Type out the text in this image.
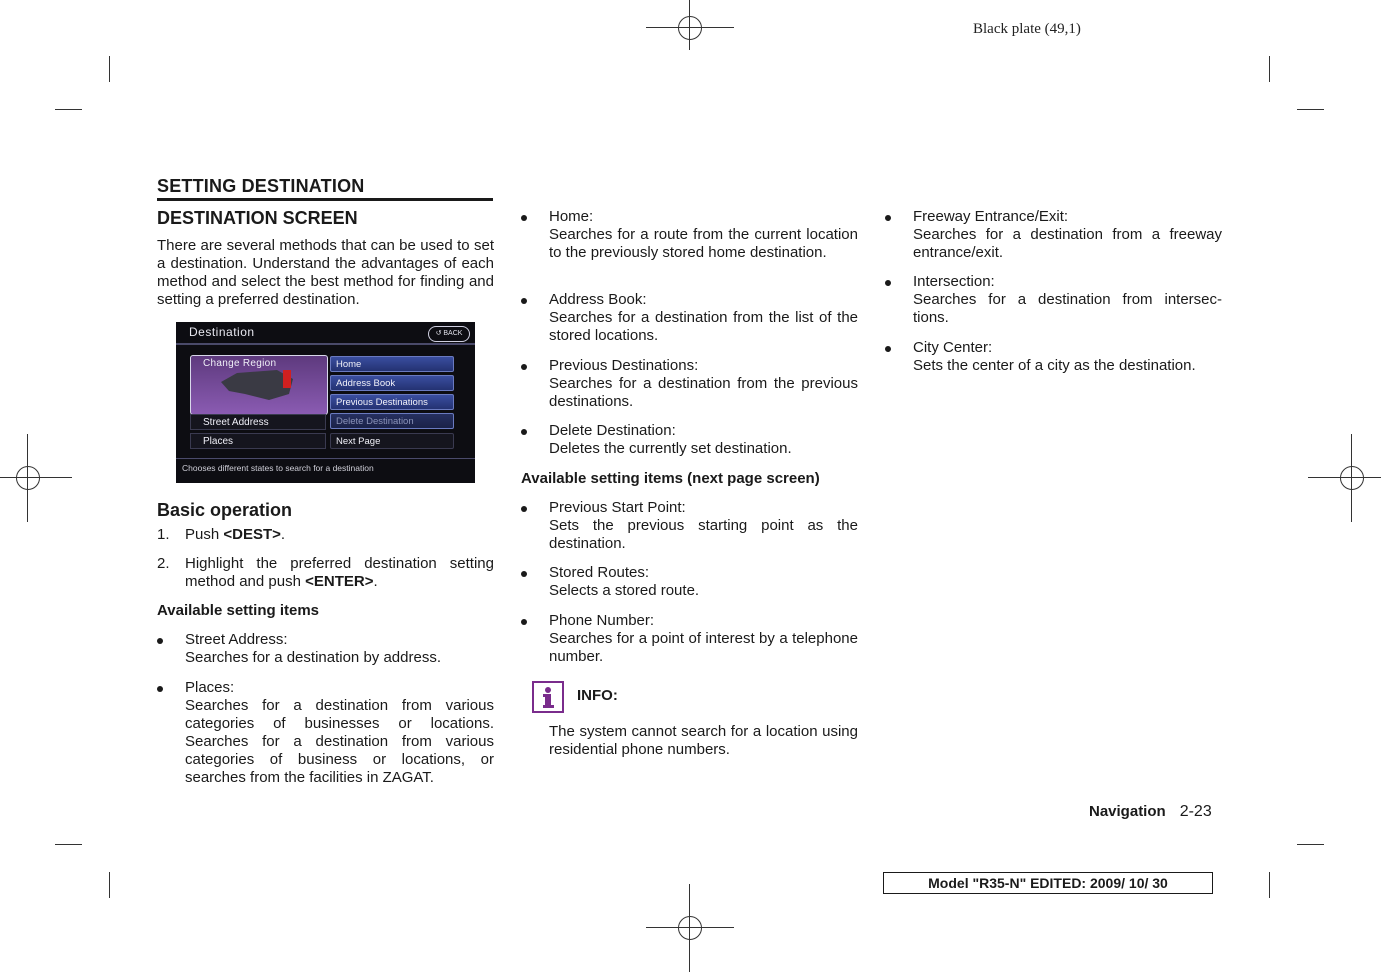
Black plate (49,1)
SETTING DESTINATION
DESTINATION SCREEN
There are several methods that can be used to set a destination. Understand the advantages of each method and select the best method for finding and setting a preferred destination.
Destination	↺ BACK
Change Region
Street Address
Places
Home
Address Book
Previous Destinations
Delete Destination
Next Page
Chooses different states to search for a destination
Basic operation
1. Push <DEST>.
2. Highlight the preferred destination setting method and push <ENTER>.
Available setting items
Street Address:
Searches for a destination by address.
Places:
Searches for a destination from various categories of businesses or locations. Searches for a destination from various categories of business or locations, or searches from the facilities in ZAGAT.
Home:
Searches for a route from the current location to the previously stored home destination.
Address Book:
Searches for a destination from the list of the stored locations.
Previous Destinations:
Searches for a destination from the previous destinations.
Delete Destination:
Deletes the currently set destination.
Available setting items (next page screen)
Previous Start Point:
Sets the previous starting point as the destination.
Stored Routes:
Selects a stored route.
Phone Number:
Searches for a point of interest by a telephone number.
INFO:
The system cannot search for a location using residential phone numbers.
Freeway Entrance/Exit:
Searches for a destination from a freeway entrance/exit.
Intersection:
Searches for a destination from intersec- tions.
City Center:
Sets the center of a city as the destination.
Navigation 2-23
Model "R35-N" EDITED: 2009/ 10/ 30
